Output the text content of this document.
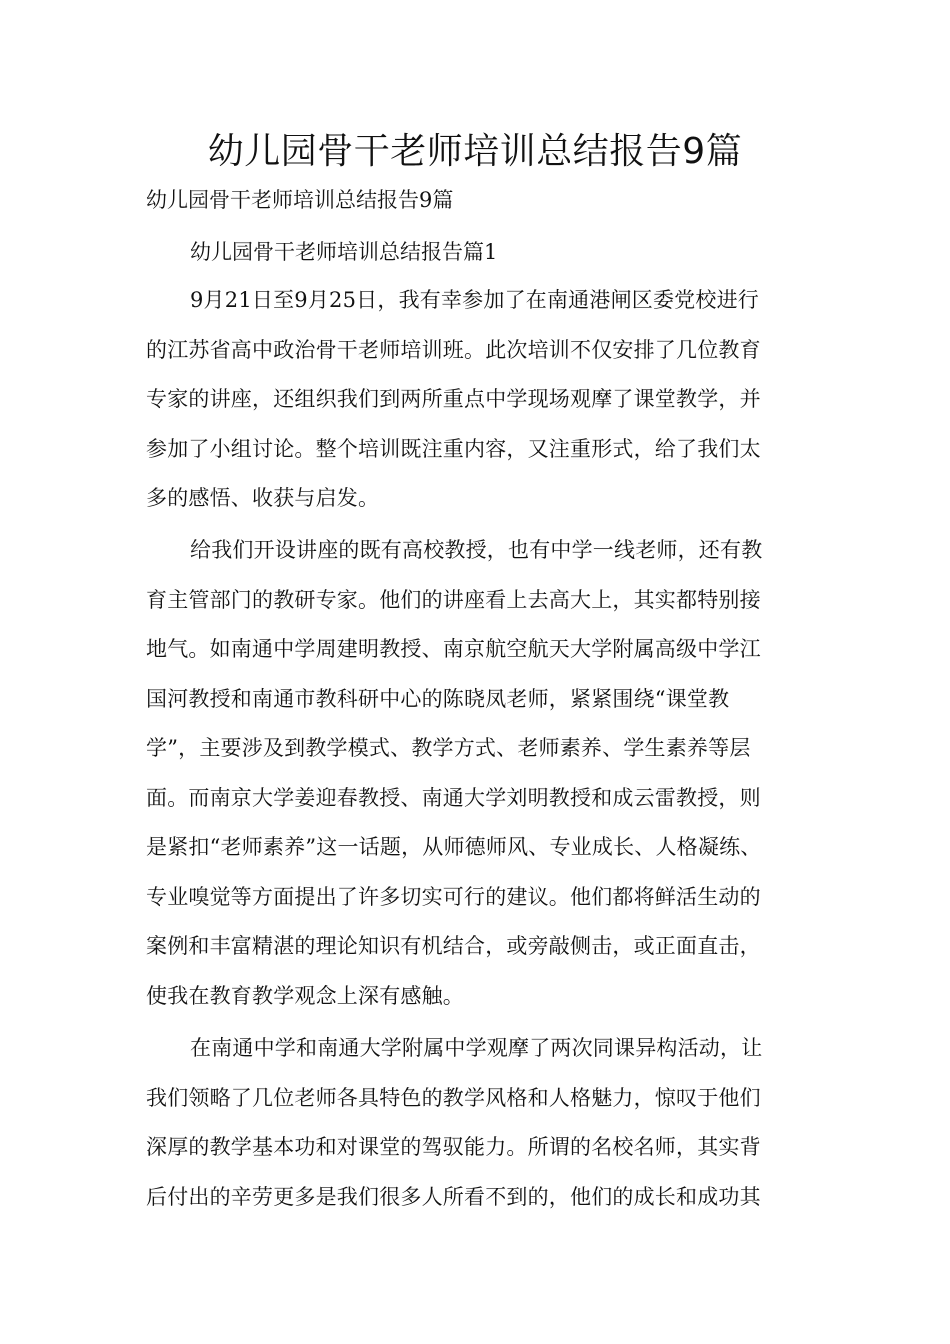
幼儿园骨干老师培训总结报告9篇

幼儿园骨干老师培训总结报告9篇

幼儿园骨干老师培训总结报告篇1

9月21日至9月25日，我有幸参加了在南通港闸区委党校进行
的江苏省高中政治骨干老师培训班。此次培训不仅安排了几位教育
专家的讲座，还组织我们到两所重点中学现场观摩了课堂教学，并
参加了小组讨论。整个培训既注重内容，又注重形式，给了我们太
多的感悟、收获与启发。

给我们开设讲座的既有高校教授，也有中学一线老师，还有教
育主管部门的教研专家。他们的讲座看上去高大上，其实都特别接
地气。如南通中学周建明教授、南京航空航天大学附属高级中学江
国河教授和南通市教科研中心的陈晓凤老师，紧紧围绕“课堂教
学”，主要涉及到教学模式、教学方式、老师素养、学生素养等层
面。而南京大学姜迎春教授、南通大学刘明教授和成云雷教授，则
是紧扣“老师素养”这一话题，从师德师风、专业成长、人格凝练、
专业嗅觉等方面提出了许多切实可行的建议。他们都将鲜活生动的
案例和丰富精湛的理论知识有机结合，或旁敲侧击，或正面直击，
使我在教育教学观念上深有感触。

在南通中学和南通大学附属中学观摩了两次同课异构活动，让
我们领略了几位老师各具特色的教学风格和人格魅力，惊叹于他们
深厚的教学基本功和对课堂的驾驭能力。所谓的名校名师，其实背
后付出的辛劳更多是我们很多人所看不到的，他们的成长和成功其
